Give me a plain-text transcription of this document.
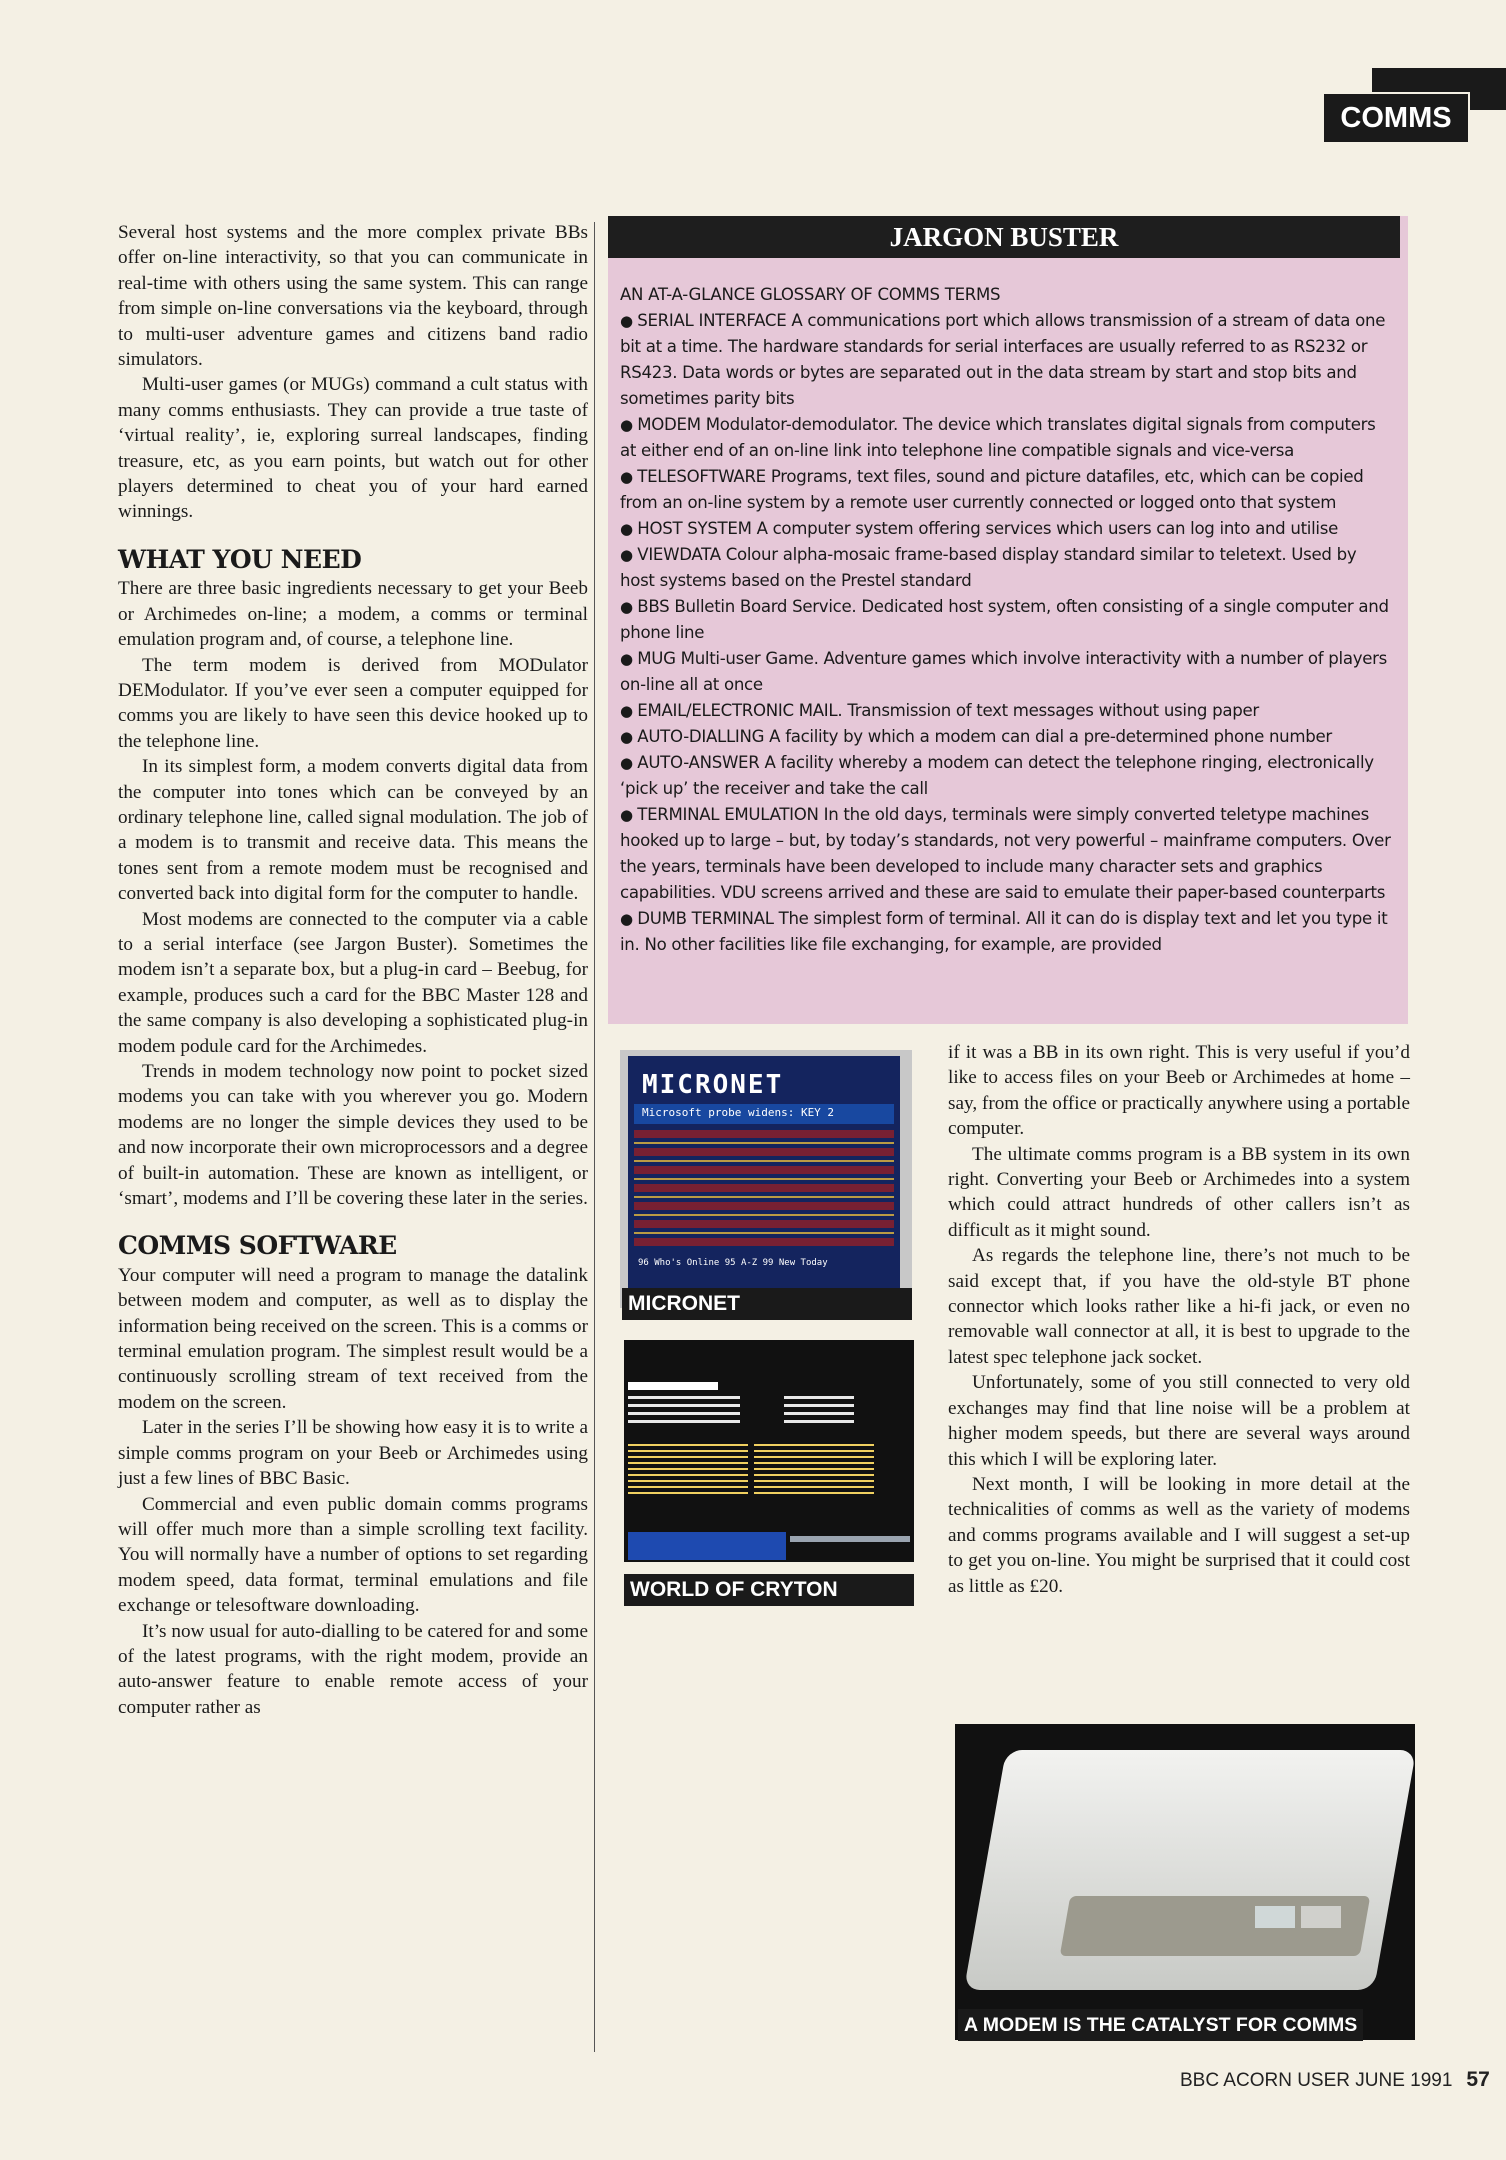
COMMS

Several host systems and the more complex private BBs offer on-line interactivity, so that you can communicate in real-time with others using the same system. This can range from simple on-line conversations via the keyboard, through to multi-user adventure games and citizens band radio simulators.

Multi-user games (or MUGs) command a cult status with many comms enthusiasts. They can provide a true taste of ‘virtual reality’, ie, exploring surreal landscapes, finding treasure, etc, as you earn points, but watch out for other players determined to cheat you of your hard earned winnings.

WHAT YOU NEED

There are three basic ingredients necessary to get your Beeb or Archimedes on-line; a modem, a comms or terminal emulation program and, of course, a telephone line.

The term modem is derived from MODulator DEModulator. If you’ve ever seen a computer equipped for comms you are likely to have seen this device hooked up to the telephone line.

In its simplest form, a modem converts digital data from the computer into tones which can be conveyed by an ordinary telephone line, called signal modulation. The job of a modem is to transmit and receive data. This means the tones sent from a remote modem must be recognised and converted back into digital form for the computer to handle.

Most modems are connected to the computer via a cable to a serial interface (see Jargon Buster). Sometimes the modem isn’t a separate box, but a plug-in card – Beebug, for example, produces such a card for the BBC Master 128 and the same company is also developing a sophisticated plug-in modem podule card for the Archimedes.

Trends in modem technology now point to pocket sized modems you can take with you wherever you go. Modern modems are no longer the simple devices they used to be and now incorporate their own microprocessors and a degree of built-in automation. These are known as intelligent, or ‘smart’, modems and I’ll be covering these later in the series.

COMMS SOFTWARE

Your computer will need a program to manage the datalink between modem and computer, as well as to display the information being received on the screen. This is a comms or terminal emulation program. The simplest result would be a continuously scrolling stream of text received from the modem on the screen.

Later in the series I’ll be showing how easy it is to write a simple comms program on your Beeb or Archimedes using just a few lines of BBC Basic.

Commercial and even public domain comms programs will offer much more than a simple scrolling text facility. You will normally have a number of options to set regarding modem speed, data format, terminal emulations and file exchange or telesoftware downloading.

It’s now usual for auto-dialling to be catered for and some of the latest programs, with the right modem, provide an auto-answer feature to enable remote access of your computer rather as

JARGON BUSTER
AN AT-A-GLANCE GLOSSARY OF COMMS TERMS
● SERIAL INTERFACE A communications port which allows transmission of a stream of data one bit at a time. The hardware standards for serial interfaces are usually referred to as RS232 or RS423. Data words or bytes are separated out in the data stream by start and stop bits and sometimes parity bits
● MODEM Modulator-demodulator. The device which translates digital signals from computers at either end of an on-line link into telephone line compatible signals and vice-versa
● TELESOFTWARE Programs, text files, sound and picture datafiles, etc, which can be copied from an on-line system by a remote user currently connected or logged onto that system
● HOST SYSTEM A computer system offering services which users can log into and utilise
● VIEWDATA Colour alpha-mosaic frame-based display standard similar to teletext. Used by host systems based on the Prestel standard
● BBS Bulletin Board Service. Dedicated host system, often consisting of a single computer and phone line
● MUG Multi-user Game. Adventure games which involve interactivity with a number of players on-line all at once
● EMAIL/ELECTRONIC MAIL. Transmission of text messages without using paper
● AUTO-DIALLING A facility by which a modem can dial a pre-determined phone number
● AUTO-ANSWER A facility whereby a modem can detect the telephone ringing, electronically ‘pick up’ the receiver and take the call
● TERMINAL EMULATION In the old days, terminals were simply converted teletype machines hooked up to large – but, by today’s standards, not very powerful – mainframe computers. Over the years, terminals have been developed to include many character sets and graphics capabilities. VDU screens arrived and these are said to emulate their paper-based counterparts
● DUMB TERMINAL The simplest form of terminal. All it can do is display text and let you type it in. No other facilities like file exchanging, for example, are provided
MICRONET
Microsoft probe widens: KEY 2
96 Who's Online 95 A-Z 99 New Today
MICRONET
WORLD OF CRYTON
A MODEM IS THE CATALYST FOR COMMS

if it was a BB in its own right. This is very useful if you’d like to access files on your Beeb or Archimedes at home – say, from the office or practically anywhere using a portable computer.

The ultimate comms program is a BB system in its own right. Converting your Beeb or Archimedes into a system which could attract hundreds of other callers isn’t as difficult as it might sound.

As regards the telephone line, there’s not much to be said except that, if you have the old-style BT phone connector which looks rather like a hi-fi jack, or even no removable wall connector at all, it is best to upgrade to the latest spec telephone jack socket.

Unfortunately, some of you still connected to very old exchanges may find that line noise will be a problem at higher modem speeds, but there are several ways around this which I will be exploring later.

Next month, I will be looking in more detail at the technicalities of comms as well as the variety of modems and comms programs available and I will suggest a set-up to get you on-line. You might be surprised that it could cost as little as £20.

BBC ACORN USER JUNE 1991 57
